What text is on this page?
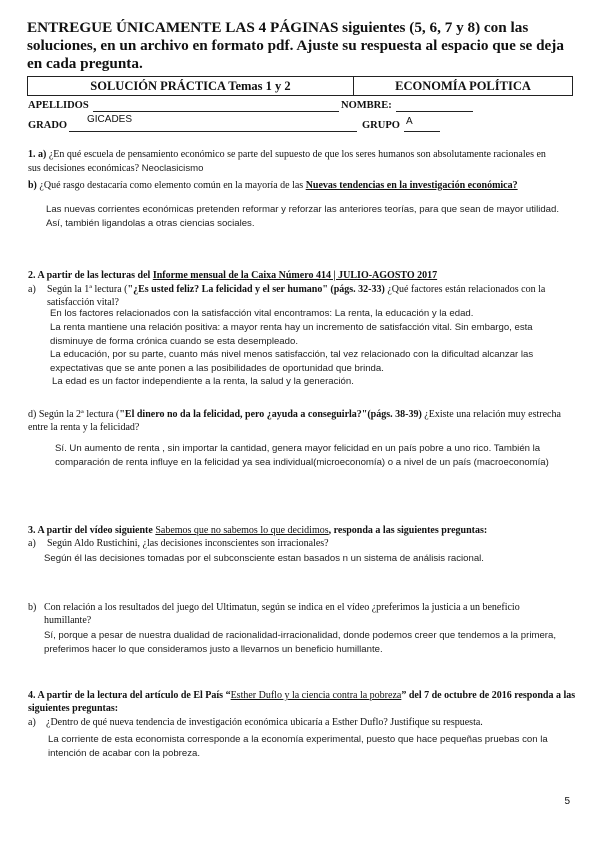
ENTREGUE ÚNICAMENTE LAS 4 PÁGINAS siguientes (5, 6, 7 y 8) con las soluciones, en un archivo en formato pdf. Ajuste su respuesta al espacio que se deja en cada pregunta.

SOLUCIÓN PRÁCTICA Temas 1 y 2	ECONOMÍA POLÍTICA
APELLIDOS	NOMBRE:
GRADO
GICADES
GRUPO A
1. a) ¿En qué escuela de pensamiento económico se parte del supuesto de que los seres humanos son absolutamente racionales en sus decisiones económicas? Neoclasicismo
b) ¿Qué rasgo destacaría como elemento común en la mayoría de las Nuevas tendencias en la investigación económica?
Las nuevas corrientes económicas pretenden reformar y reforzar las anteriores teorías, para que sean de mayor utilidad. Así, también ligandolas a otras ciencias sociales.
2. A partir de las lecturas del Informe mensual de la Caixa Número 414 | JULIO-AGOSTO 2017
a)	Según la 1ª lectura ("¿Es usted feliz? La felicidad y el ser humano" (págs. 32-33) ¿Qué factores están relacionados con la satisfacción vital?
En los factores relacionados con la satisfacción vital encontramos: La renta, la educación y la edad.
La renta mantiene una relación positiva: a mayor renta hay un incremento de satisfacción vital. Sin embargo, esta disminuye de forma crónica cuando se esta desempleado.
La educación, por su parte, cuanto más nivel menos satisfacción, tal vez relacionado con la dificultad alcanzar las expectativas que se ante ponen a las posibilidades de oportunidad que brinda.
La edad es un factor independiente a la renta, la salud y la generación.
d) Según la 2ª lectura ("El dinero no da la felicidad, pero ¿ayuda a conseguirla?"(págs. 38-39) ¿Existe una relación muy estrecha entre la renta y la felicidad?
Sí. Un aumento de renta , sin importar la cantidad, genera mayor felicidad en un país pobre a uno rico. También la comparación de renta influye en la felicidad ya sea individual(microeconomía) o a nivel de un país (macroeconomía)
3. A partir del vídeo siguiente Sabemos que no sabemos lo que decidimos, responda a las siguientes preguntas:
a)	Según Aldo Rustichini, ¿las decisiones inconscientes son irracionales?
Según él las decisiones tomadas por el subconsciente estan basados n un sistema de análisis racional.
b) Con relación a los resultados del juego del Ultimatun, según se indica en el vídeo ¿preferimos la justicia a un beneficio humillante?
Sí, porque a pesar de nuestra dualidad de racionalidad-irracionalidad, donde podemos creer que tendemos a la primera, preferimos hacer lo que consideramos justo a llevarnos un beneficio humillante.
4. A partir de la lectura del artículo de El País “Esther Duflo y la ciencia contra la pobreza” del 7 de octubre de 2016 responda a las siguientes preguntas:
a)	¿Dentro de qué nueva tendencia de investigación económica ubicaría a Esther Duflo? Justifique su respuesta.
La corriente de esta economista corresponde a la economía experimental, puesto que hace pequeñas pruebas con la intención de acabar con la pobreza.
5
